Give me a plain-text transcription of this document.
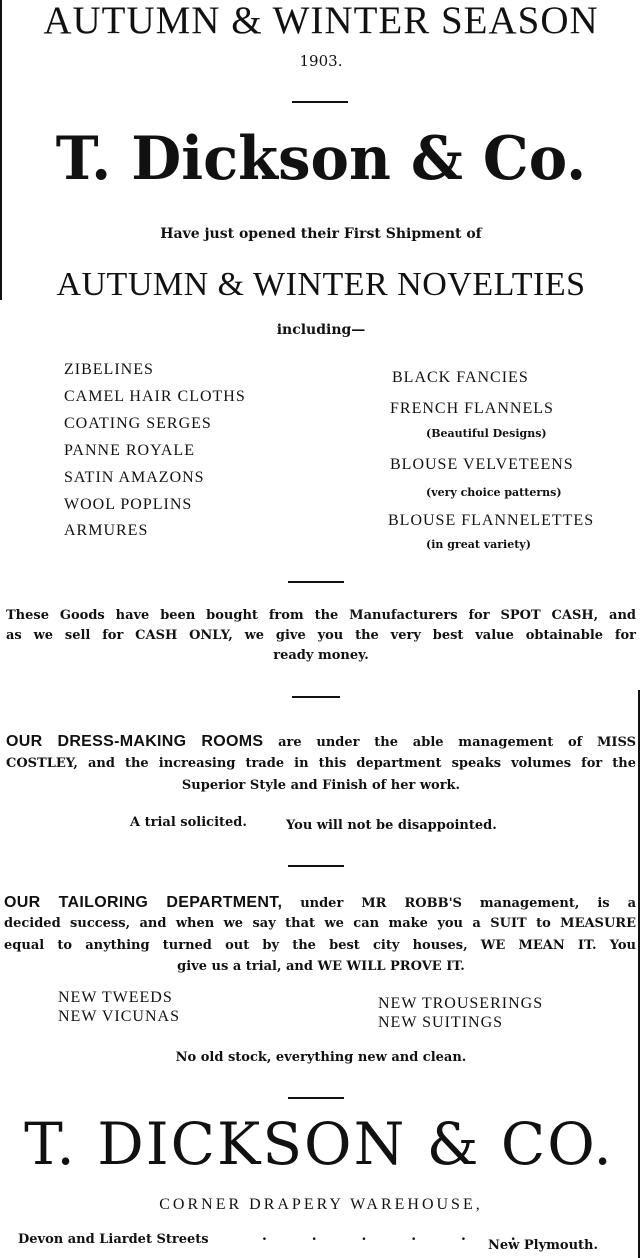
AUTUMN & WINTER SEASON
1903.
T. Dickson & Co.
Have just opened their First Shipment of
AUTUMN & WINTER NOVELTIES
including—
ZIBELINES
CAMEL HAIR CLOTHS
COATING SERGES
PANNE ROYALE
SATIN AMAZONS
WOOL POPLINS
ARMURES
BLACK FANCIES
FRENCH FLANNELS
(Beautiful Designs)
BLOUSE VELVETEENS
(very choice patterns)
BLOUSE FLANNELETTES
(in great variety)
These Goods have been bought from the Manufacturers for SPOT CASH, and
as we sell for CASH ONLY, we give you the very best value obtainable for
ready money.
OUR DRESS-MAKING ROOMS are under the able management of MISS
COSTLEY, and the increasing trade in this department speaks volumes for the
Superior Style and Finish of her work.
A trial solicited.	You will not be disappointed.
OUR TAILORING DEPARTMENT, under MR ROBB'S management, is a
decided success, and when we say that we can make you a SUIT to MEASURE
equal to anything turned out by the best city houses, WE MEAN IT. You
give us a trial, and WE WILL PROVE IT.
NEW TWEEDS
NEW VICUNAS
NEW TROUSERINGS
NEW SUITINGS
No old stock, everything new and clean.
T. DICKSON & CO.
CORNER DRAPERY WAREHOUSE,
Devon and Liardet Streets	. . . . . .
New Plymouth.
